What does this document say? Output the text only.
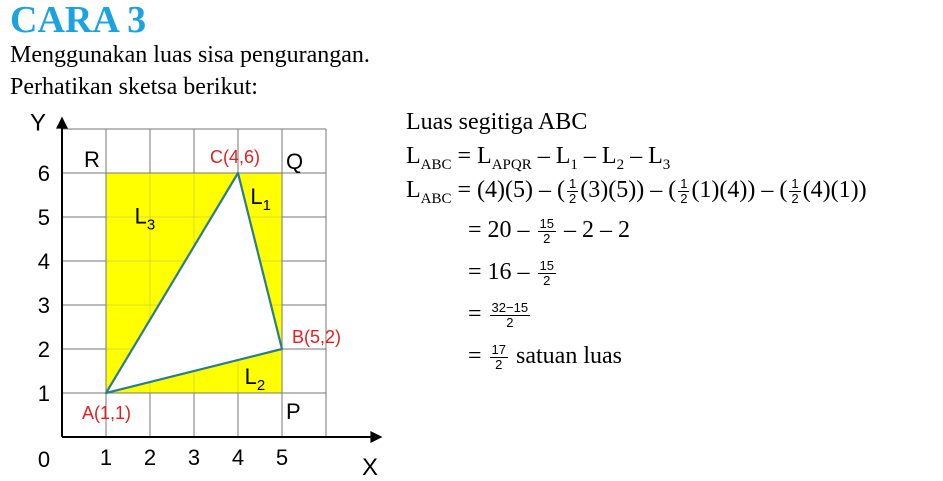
CARA 3
Menggunakan luas sisa pengurangan.
Perhatikan sketsa berikut:
1 2 3 4 5
1
2
3
4
5
6
0	X
Y
R	Q
P
C(4,6)
B(5,2)
A(1,1)
$L_1$
$L_2$
$L_3$
Luas segitiga ABC
$L_{ABC} = L_{APQR} - L_1 - L_2 - L_3$
$L_{ABC} = (4)(5)$ – ( $\frac{1}{2} (3)(5)$) – ( $\frac{1}{2} (1)(4)$) – ( $\frac{1}{2} (4)(1)$)
= $20 - \frac{15}{2} - 2 - 2$
= $16 - \frac{15}{2}$
= $\frac{32-15}{2}$
= $\frac{17}{2}$ satuan luas
